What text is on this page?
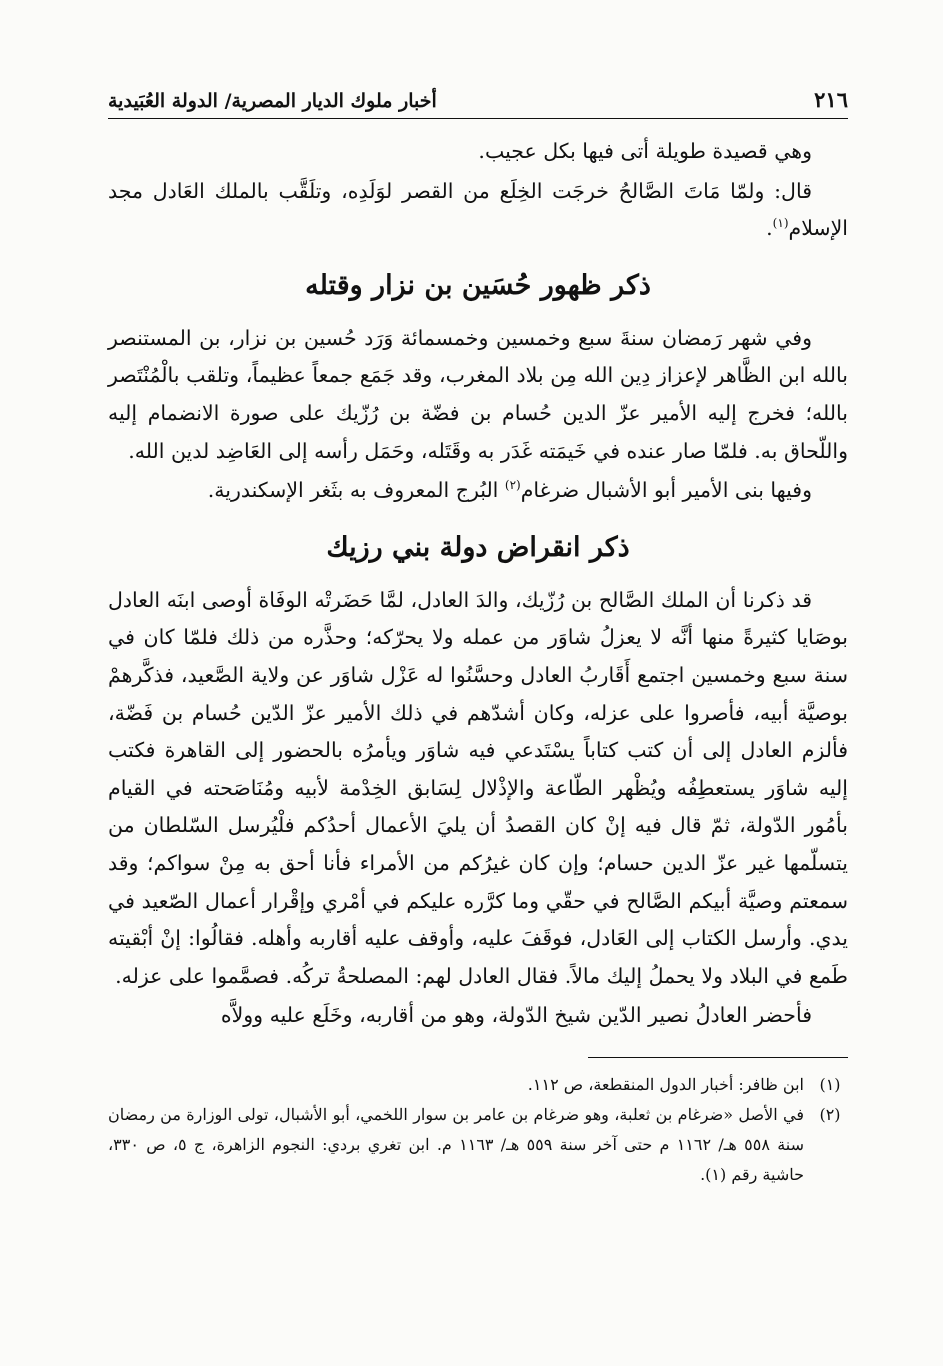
٢١٦
أخبار ملوك الديار المصرية/ الدولة العُبَيدية

وهي قصيدة طويلة أتى فيها بكل عجيب.

قال: ولمّا مَاتَ الصَّالحُ خرجَت الخِلَع من القصر لوَلَدِه، وتلَقَّب بالملك العَادل مجد الإسلام$^{(١)}$.

ذكر ظهور حُسَين بن نزار وقتله

وفي شهر رَمضان سنةَ سبع وخمسين وخمسمائة وَرَد حُسين بن نزار، بن المستنصر بالله ابن الظَّاهر لإعزاز دِين الله مِن بلاد المغرب، وقد جَمَع جمعاً عظيماً، وتلقب بالْمُنْتَصر بالله؛ فخرج إليه الأمير عزّ الدين حُسام بن فضّة بن رُزّيك على صورة الانضمام إليه واللّحاق به. فلمّا صار عنده في خَيمَته غَدَر به وقَتَله، وحَمَل رأسه إلى العَاضِد لدين الله.

وفيها بنى الأمير أبو الأشبال ضرغام$^{(٢)}$ البُرج المعروف به بثَغر الإسكندرية.

ذكر انقراض دولة بني رزيك

قد ذكرنا أن الملك الصَّالح بن رُزّيك، والدَ العادل، لمَّا حَضَرتْه الوفَاة أوصى ابنَه العادل بوصَايا كثيرةً منها أنَّه لا يعزلُ شاوَر من عمله ولا يحرّكه؛ وحذَّره من ذلك فلمّا كان في سنة سبع وخمسين اجتمع أَقَاربُ العادل وحسَّنُوا له عَزْل شاوَر عن ولاية الصَّعيد، فذكَّرهمْ بوصيَّة أبيه، فأصروا على عزله، وكان أشدّهم في ذلك الأمير عزّ الدّين حُسام بن فَضّة، فألزم العادل إلى أن كتب كتاباً يسْتَدعي فيه شاوَر ويأمرُه بالحضور إلى القاهرة فكتب إليه شاوَر يستعطِفُه ويُظْهر الطّاعة والإذْلال لِسَابق الخِدْمة لأبيه ومُنَاصَحته في القيام بأمُور الدّولة، ثمّ قال فيه إنْ كان القصدُ أن يليَ الأعمال أحدُكم فلْيُرسل السّلطان من يتسلّمها غير عزّ الدين حسام؛ وإن كان غيرُكم من الأمراء فأنا أحق به مِنْ سواكم؛ وقد سمعتم وصيَّة أبيكم الصَّالح في حقّي وما كرَّره عليكم في أمْري وإقْرار أعمال الصّعيد في يدي. وأرسل الكتاب إلى العَادل، فوقَفَ عليه، وأوقف عليه أقاربه وأهله. فقالُوا: إنْ أبْقيته طَمع في البلاد ولا يحملُ إليك مالاً. فقال العادل لهم: المصلحةُ تركُه. فصمَّموا على عزله.

فأحضر العادلُ نصير الدّين شيخ الدّولة، وهو من أقاربه، وخَلَع عليه وولاَّه

(١)
ابن ظافر: أخبار الدول المنقطعة، ص ١١٢.
(٢)
في الأصل «ضرغام بن ثعلبة، وهو ضرغام بن عامر بن سوار اللخمي، أبو الأشبال، تولى الوزارة من رمضان سنة ٥٥٨ هـ/ ١١٦٢ م حتى آخر سنة ٥٥٩ هـ/ ١١٦٣ م. ابن تغري بردي: النجوم الزاهرة، ج ٥، ص ٣٣٠، حاشية رقم (١).
